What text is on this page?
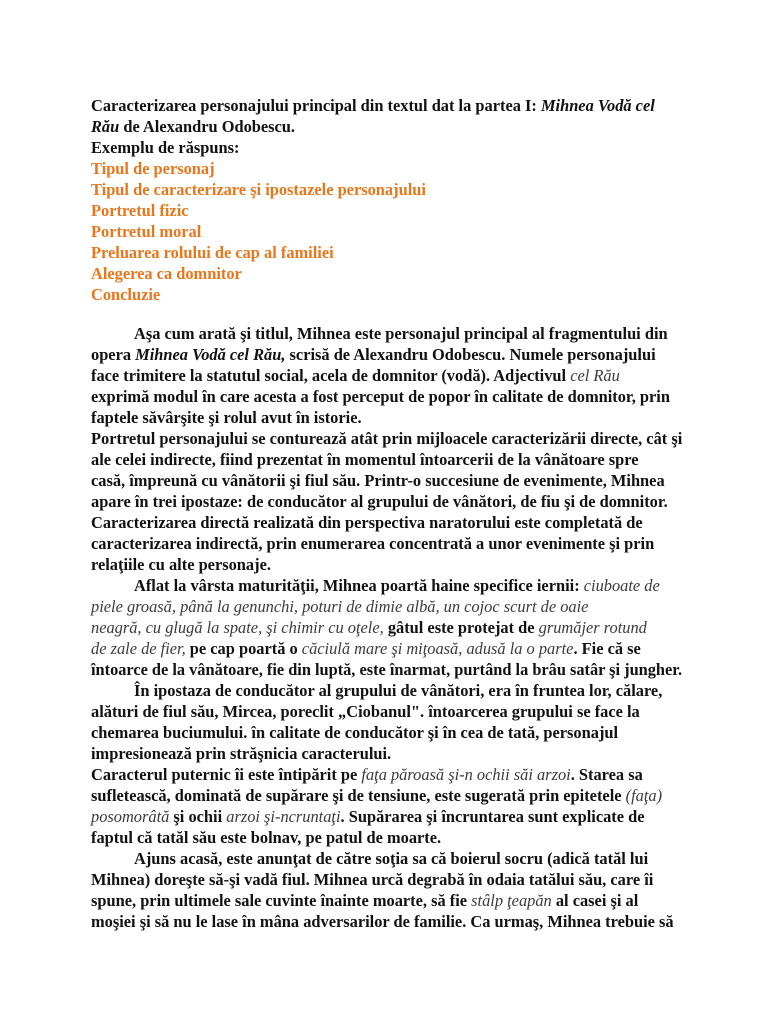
Caracterizarea personajului principal din textul dat la partea I: Mihnea Vodă cel
Rău de Alexandru Odobescu.
Exemplu de răspuns:
Tipul de personaj
Tipul de caracterizare şi ipostazele personajului
Portretul fizic
Portretul moral
Preluarea rolului de cap al familiei
Alegerea ca domnitor
Concluzie
Aşa cum arată şi titlul, Mihnea este personajul principal al fragmentului din
opera Mihnea Vodă cel Rău, scrisă de Alexandru Odobescu. Numele personajului
face trimitere la statutul social, acela de domnitor (vodă). Adjectivul cel Rău
exprimă modul în care acesta a fost perceput de popor în calitate de domnitor, prin
faptele săvârşite şi rolul avut în istorie.
Portretul personajului se conturează atât prin mijloacele caracterizării directe, cât şi
ale celei indirecte, fiind prezentat în momentul întoarcerii de la vânătoare spre
casă, împreună cu vânătorii şi fiul său. Printr-o succesiune de evenimente, Mihnea
apare în trei ipostaze: de conducător al grupului de vânători, de fiu şi de domnitor.
Caracterizarea directă realizată din perspectiva naratorului este completată de
caracterizarea indirectă, prin enumerarea concentrată a unor evenimente şi prin
relaţiile cu alte personaje.
Aflat la vârsta maturităţii, Mihnea poartă haine specifice iernii: ciuboate de
piele groasă, până la genunchi, poturi de dimie albă, un cojoc scurt de oaie
neagră, cu glugă la spate, şi chimir cu oţele, gâtul este protejat de grumăjer rotund
de zale de fier, pe cap poartă o căciulă mare şi miţoasă, adusă la o parte. Fie că se
întoarce de la vânătoare, fie din luptă, este înarmat, purtând la brâu satâr şi jungher.
În ipostaza de conducător al grupului de vânători, era în fruntea lor, călare,
alături de fiul său, Mircea, poreclit „Ciobanul". întoarcerea grupului se face la
chemarea buciumului. în calitate de conducător şi în cea de tată, personajul
impresionează prin străşnicia caracterului.
Caracterul puternic îi este întipărit pe faţa păroasă şi-n ochii săi arzoi. Starea sa
sufletească, dominată de supărare şi de tensiune, este sugerată prin epitetele (faţa)
posomorâtă şi ochii arzoi şi-ncruntaţi. Supărarea şi încruntarea sunt explicate de
faptul că tatăl său este bolnav, pe patul de moarte.
Ajuns acasă, este anunţat de către soţia sa că boierul socru (adică tatăl lui
Mihnea) doreşte să-şi vadă fiul. Mihnea urcă degrabă în odaia tatălui său, care îi
spune, prin ultimele sale cuvinte înainte moarte, să fie stâlp ţeapăn al casei şi al
moşiei şi să nu le lase în mâna adversarilor de familie. Ca urmaş, Mihnea trebuie să
